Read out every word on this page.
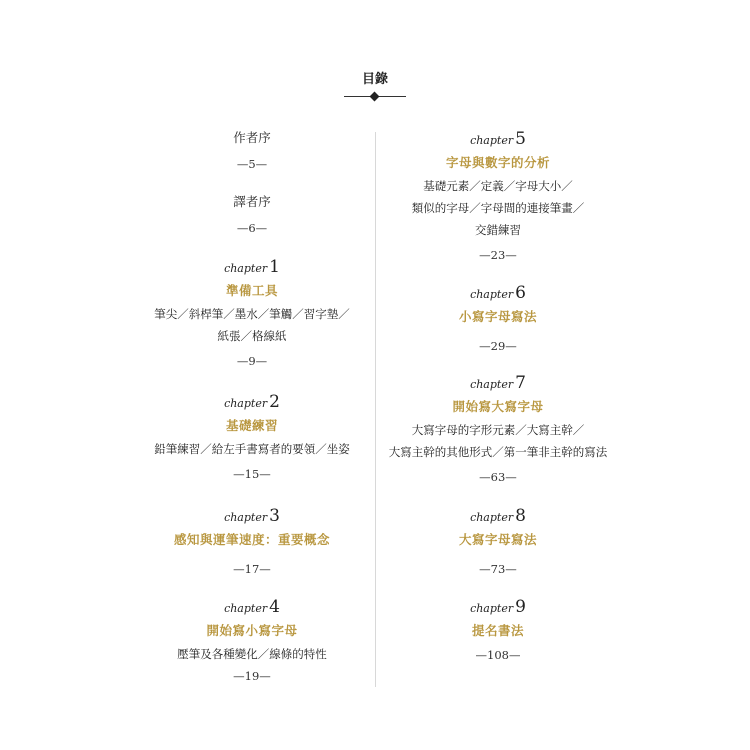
目錄
作者序
—5—
譯者序
—6—
chapter 1
準備工具
筆尖／斜桿筆／墨水／筆觸／習字墊／
紙張／格線紙
—9—
chapter 2
基礎練習
鉛筆練習／給左手書寫者的要領／坐姿
—15—
chapter 3
感知與運筆速度：重要概念
—17—
chapter 4
開始寫小寫字母
壓筆及各種變化／線條的特性
—19—
chapter 5
字母與數字的分析
基礎元素／定義／字母大小／
類似的字母／字母間的連接筆畫／
交錯練習
—23—
chapter 6
小寫字母寫法
—29—
chapter 7
開始寫大寫字母
大寫字母的字形元素／大寫主幹／
大寫主幹的其他形式／第一筆非主幹的寫法
—63—
chapter 8
大寫字母寫法
—73—
chapter 9
提名書法
—108—
